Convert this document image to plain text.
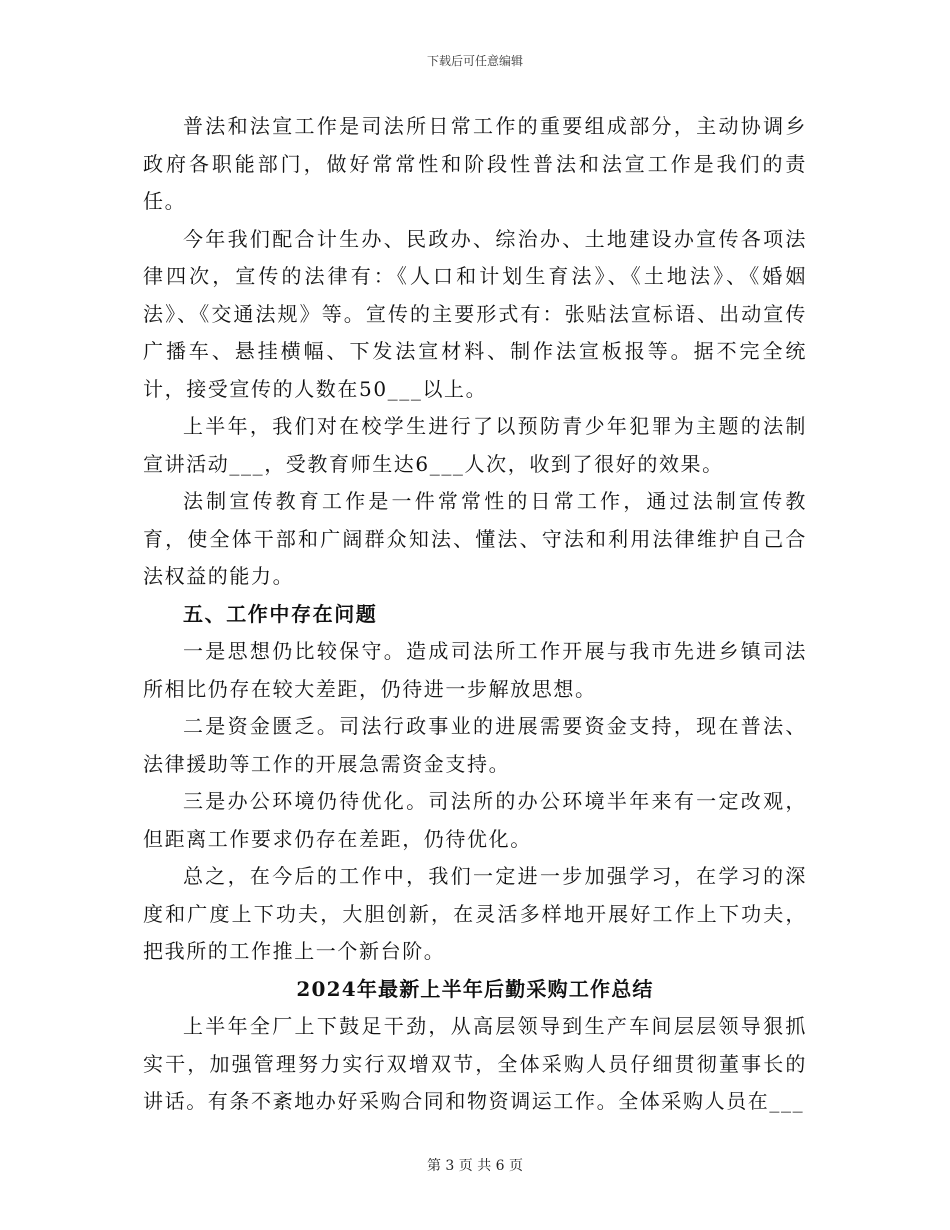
下载后可任意编辑

普法和法宣工作是司法所日常工作的重要组成部分，主动协调乡政府各职能部门，做好常常性和阶段性普法和法宣工作是我们的责任。

今年我们配合计生办、民政办、综治办、土地建设办宣传各项法律四次，宣传的法律有：《人口和计划生育法》、《土地法》、《婚姻法》、《交通法规》等。宣传的主要形式有：张贴法宣标语、出动宣传广播车、悬挂横幅、下发法宣材料、制作法宣板报等。据不完全统计，接受宣传的人数在50___以上。

上半年，我们对在校学生进行了以预防青少年犯罪为主题的法制宣讲活动___，受教育师生达6___人次，收到了很好的效果。

法制宣传教育工作是一件常常性的日常工作，通过法制宣传教育，使全体干部和广阔群众知法、懂法、守法和利用法律维护自己合法权益的能力。

五、工作中存在问题

一是思想仍比较保守。造成司法所工作开展与我市先进乡镇司法所相比仍存在较大差距，仍待进一步解放思想。

二是资金匮乏。司法行政事业的进展需要资金支持，现在普法、法律援助等工作的开展急需资金支持。

三是办公环境仍待优化。司法所的办公环境半年来有一定改观，但距离工作要求仍存在差距，仍待优化。

总之，在今后的工作中，我们一定进一步加强学习，在学习的深度和广度上下功夫，大胆创新，在灵活多样地开展好工作上下功夫，把我所的工作推上一个新台阶。

2024年最新上半年后勤采购工作总结

上半年全厂上下鼓足干劲，从高层领导到生产车间层层领导狠抓实干，加强管理努力实行双增双节，全体采购人员仔细贯彻董事长的讲话。有条不紊地办好采购合同和物资调运工作。全体采购人员在___

第 3 页 共 6 页
